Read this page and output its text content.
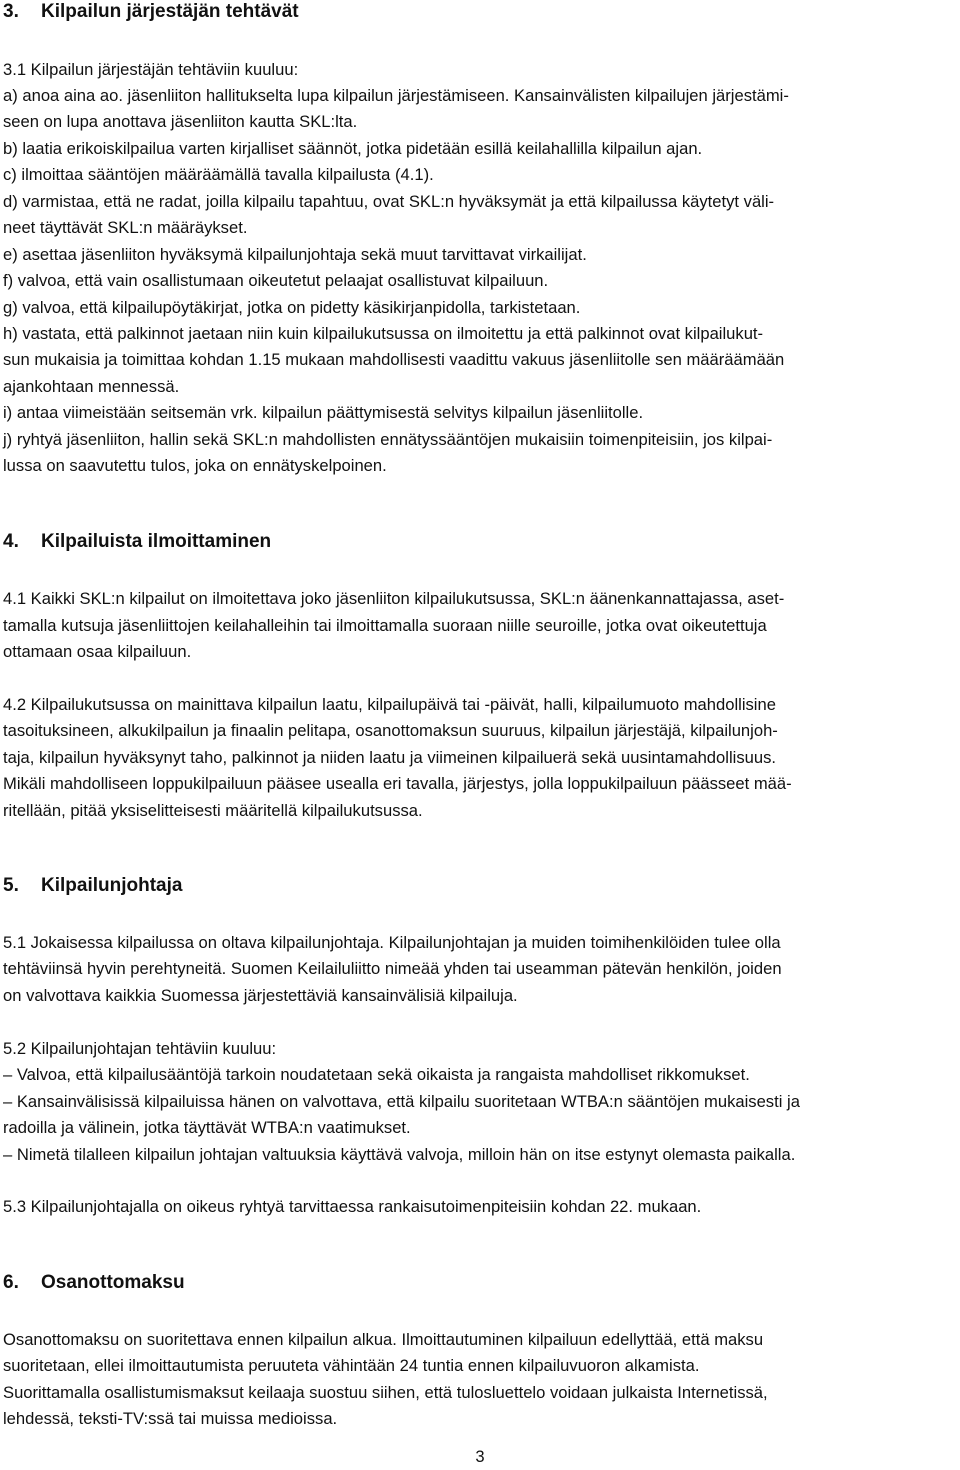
3. Kilpailun järjestäjän tehtävät
3.1 Kilpailun järjestäjän tehtäviin kuuluu:
a) anoa aina ao. jäsenliiton hallitukselta lupa kilpailun järjestämiseen. Kansainvälisten kilpailujen järjestämi-
seen on lupa anottava jäsenliiton kautta SKL:lta.
b) laatia erikoiskilpailua varten kirjalliset säännöt, jotka pidetään esillä keilahallilla kilpailun ajan.
c) ilmoittaa sääntöjen määräämällä tavalla kilpailusta (4.1).
d) varmistaa, että ne radat, joilla kilpailu tapahtuu, ovat SKL:n hyväksymät ja että kilpailussa käytetyt väli-
neet täyttävät SKL:n määräykset.
e) asettaa jäsenliiton hyväksymä kilpailunjohtaja sekä muut tarvittavat virkailijat.
f) valvoa, että vain osallistumaan oikeutetut pelaajat osallistuvat kilpailuun.
g) valvoa, että kilpailupöytäkirjat, jotka on pidetty käsikirjanpidolla, tarkistetaan.
h) vastata, että palkinnot jaetaan niin kuin kilpailukutsussa on ilmoitettu ja että palkinnot ovat kilpailukut-
sun mukaisia ja toimittaa kohdan 1.15 mukaan mahdollisesti vaadittu vakuus jäsenliitolle sen määräämään
ajankohtaan mennessä.
i) antaa viimeistään seitsemän vrk. kilpailun päättymisestä selvitys kilpailun jäsenliitolle.
j) ryhtyä jäsenliiton, hallin sekä SKL:n mahdollisten ennätyssääntöjen mukaisiin toimenpiteisiin, jos kilpai-
lussa on saavutettu tulos, joka on ennätyskelpoinen.
4. Kilpailuista ilmoittaminen
4.1 Kaikki SKL:n kilpailut on ilmoitettava joko jäsenliiton kilpailukutsussa, SKL:n äänenkannattajassa, aset-
tamalla kutsuja jäsenliittojen keilahalleihin tai ilmoittamalla suoraan niille seuroille, jotka ovat oikeutettuja
ottamaan osaa kilpailuun.
4.2 Kilpailukutsussa on mainittava kilpailun laatu, kilpailupäivä tai -päivät, halli, kilpailumuoto mahdollisine
tasoituksineen, alkukilpailun ja finaalin pelitapa, osanottomaksun suuruus, kilpailun järjestäjä, kilpailunjoh-
taja, kilpailun hyväksynyt taho, palkinnot ja niiden laatu ja viimeinen kilpailuerä sekä uusintamahdollisuus.
Mikäli mahdolliseen loppukilpailuun pääsee usealla eri tavalla, järjestys, jolla loppukilpailuun päässeet mää-
ritellään, pitää yksiselitteisesti määritellä kilpailukutsussa.
5. Kilpailunjohtaja
5.1 Jokaisessa kilpailussa on oltava kilpailunjohtaja. Kilpailunjohtajan ja muiden toimihenkilöiden tulee olla
tehtäviinsä hyvin perehtyneitä. Suomen Keilailuliitto nimeää yhden tai useamman pätevän henkilön, joiden
on valvottava kaikkia Suomessa järjestettäviä kansainvälisiä kilpailuja.
5.2 Kilpailunjohtajan tehtäviin kuuluu:
– Valvoa, että kilpailusääntöjä tarkoin noudatetaan sekä oikaista ja rangaista mahdolliset rikkomukset.
– Kansainvälisissä kilpailuissa hänen on valvottava, että kilpailu suoritetaan WTBA:n sääntöjen mukaisesti ja
radoilla ja välinein, jotka täyttävät WTBA:n vaatimukset.
– Nimetä tilalleen kilpailun johtajan valtuuksia käyttävä valvoja, milloin hän on itse estynyt olemasta paikalla.
5.3 Kilpailunjohtajalla on oikeus ryhtyä tarvittaessa rankaisutoimenpiteisiin kohdan 22. mukaan.
6. Osanottomaksu
Osanottomaksu on suoritettava ennen kilpailun alkua. Ilmoittautuminen kilpailuun edellyttää, että maksu
suoritetaan, ellei ilmoittautumista peruuteta vähintään 24 tuntia ennen kilpailuvuoron alkamista.
Suorittamalla osallistumismaksut keilaaja suostuu siihen, että tulosluettelo voidaan julkaista Internetissä,
lehdessä, teksti-TV:ssä tai muissa medioissa.
3
